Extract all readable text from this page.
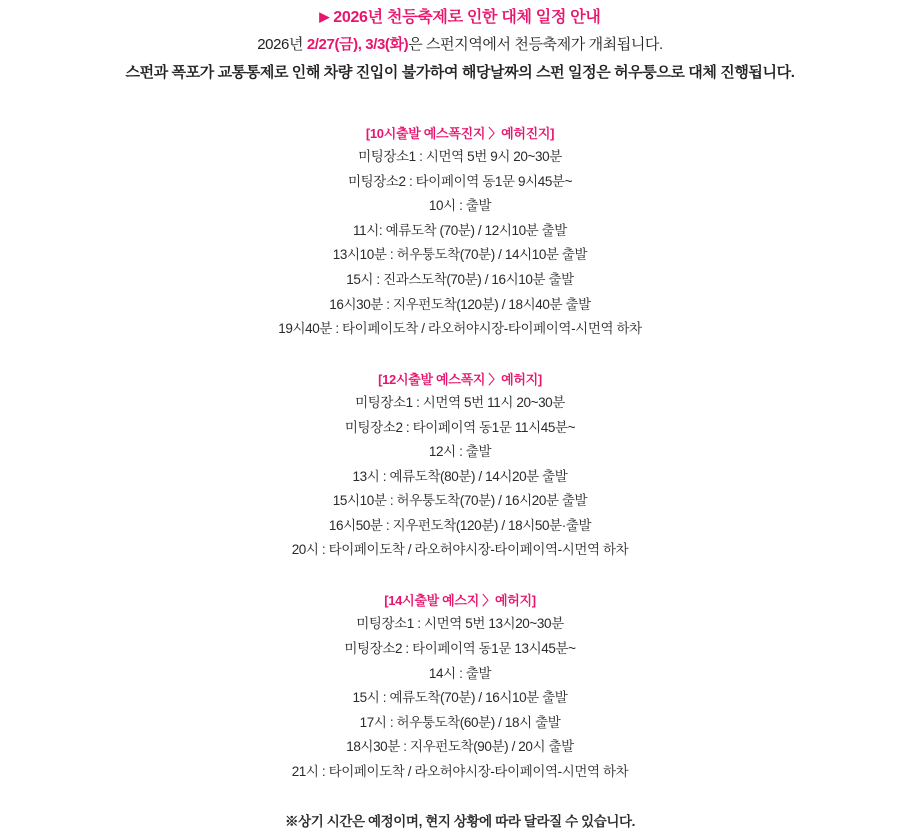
▶ 2026년 천등축제로 인한 대체 일정 안내
2026년 2/27(금), 3/3(화)은 스펀지역에서 천등축제가 개최됩니다.
스펀과 폭포가 교통통제로 인해 차량 진입이 불가하여 해당날짜의 스펀 일정은 허우퉁으로 대체 진행됩니다.
[10시출발 예스폭진지 〉예허진지]
미팅장소1 : 시먼역 5번 9시 20~30분
미팅장소2 : 타이페이역 동1문 9시45분~
10시 : 출발
11시: 예류도착 (70분) / 12시10분 출발
13시10분 : 허우퉁도착(70분) / 14시10분 출발
15시 : 진과스도착(70분) / 16시10분 출발
16시30분 : 지우펀도착(120분) / 18시40분 출발
19시40분 : 타이페이도착 / 라오허야시장-타이페이역-시먼역 하차
[12시출발 예스폭지 〉예허지]
미팅장소1 : 시먼역 5번 11시 20~30분
미팅장소2 : 타이페이역 동1문 11시45분~
12시 : 출발
13시 : 예류도착(80분) / 14시20분 출발
15시10분 : 허우퉁도착(70분) / 16시20분 출발
16시50분 : 지우펀도착(120분) / 18시50분·출발
20시 : 타이페이도착 / 라오허야시장-타이페이역-시먼역 하차
[14시출발 예스지 〉예허지]
미팅장소1 : 시먼역 5번 13시20~30분
미팅장소2 : 타이페이역 동1문 13시45분~
14시 : 출발
15시 : 예류도착(70분) / 16시10분 출발
17시 : 허우퉁도착(60분) / 18시 출발
18시30분 : 지우펀도착(90분) / 20시 출발
21시 : 타이페이도착 / 라오허야시장-타이페이역-시먼역 하차
※상기 시간은 예정이며, 현지 상황에 따라 달라질 수 있습니다.
